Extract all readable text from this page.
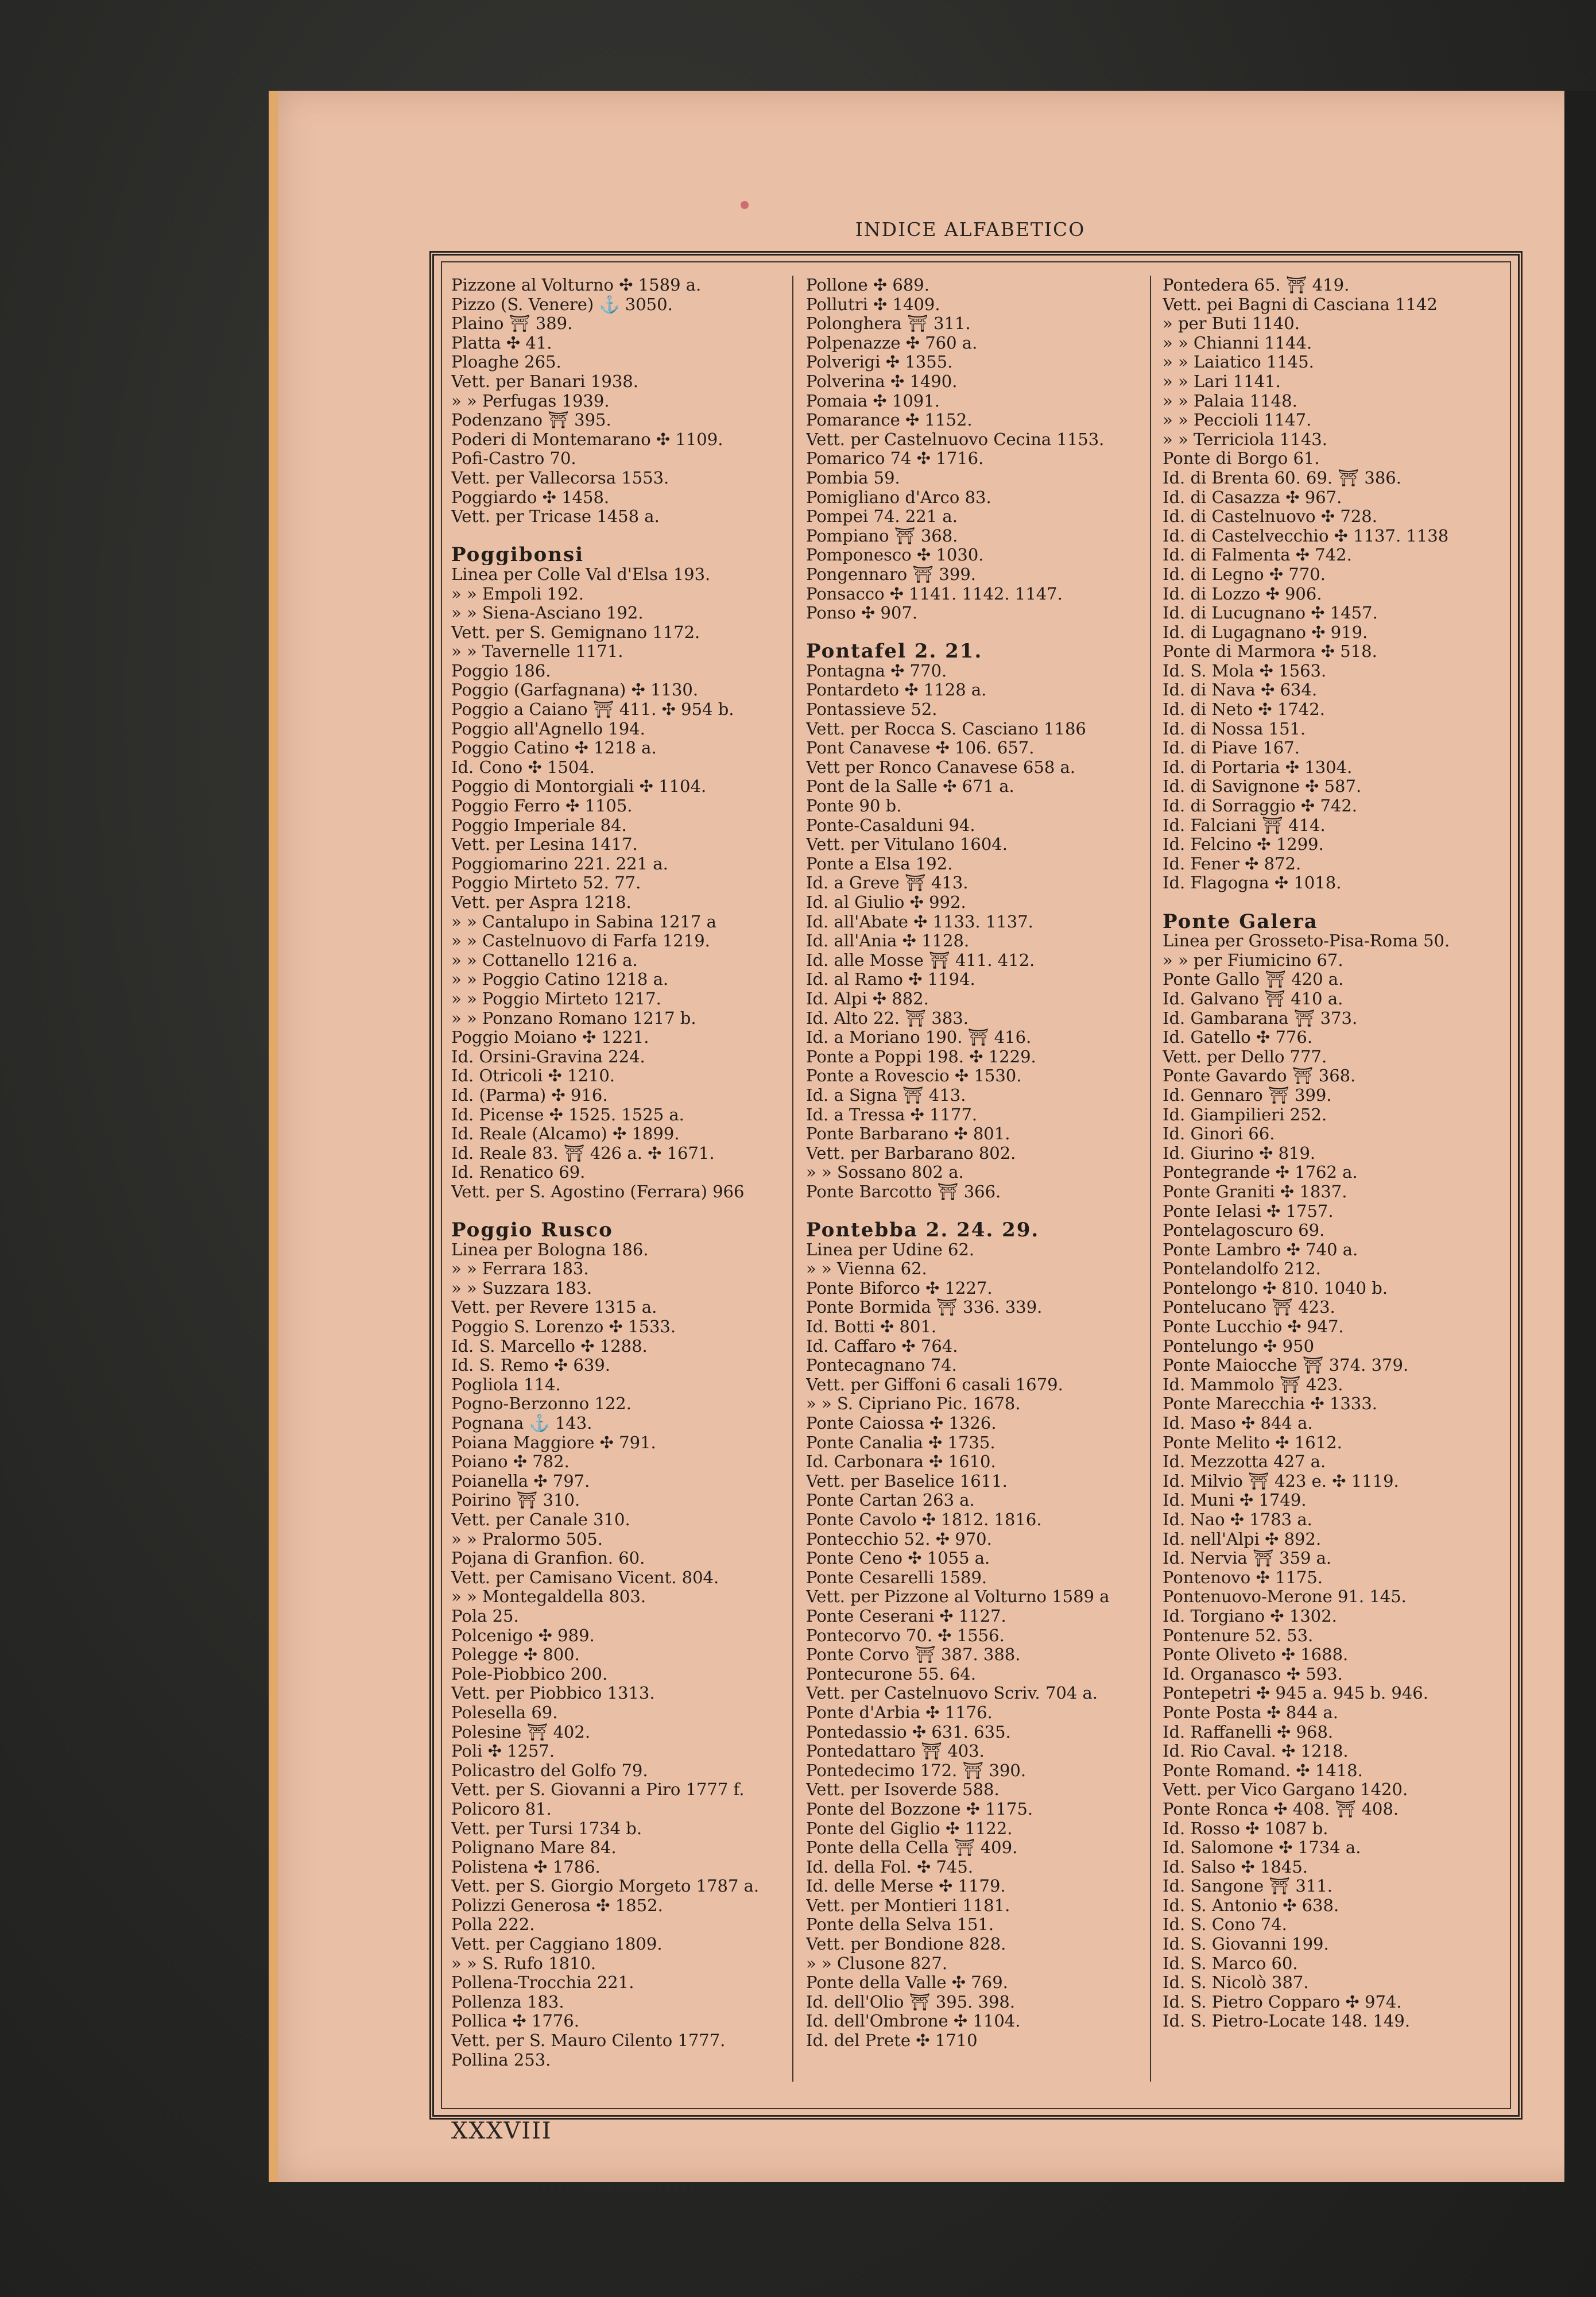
INDICE ALFABETICO
Pizzone al Volturno ✣ 1589 a.
Pizzo (S. Venere) ⚓ 3050.
Plaino ⛩ 389.
Platta ✣ 41.
Ploaghe 265.
Vett. per Banari 1938.
» » Perfugas 1939.
Podenzano ⛩ 395.
Poderi di Montemarano ✣ 1109.
Pofi-Castro 70.
Vett. per Vallecorsa 1553.
Poggiardo ✣ 1458.
Vett. per Tricase 1458 a.

Poggibonsi
Linea per Colle Val d'Elsa 193.
» » Empoli 192.
» » Siena-Asciano 192.
Vett. per S. Gemignano 1172.
» » Tavernelle 1171.
Poggio 186.
Poggio (Garfagnana) ✣ 1130.
Poggio a Caiano ⛩ 411. ✣ 954 b.
Poggio all'Agnello 194.
Poggio Catino ✣ 1218 a.
Id. Cono ✣ 1504.
Poggio di Montorgiali ✣ 1104.
Poggio Ferro ✣ 1105.
Poggio Imperiale 84.
Vett. per Lesina 1417.
Poggiomarino 221. 221 a.
Poggio Mirteto 52. 77.
Vett. per Aspra 1218.
» » Cantalupo in Sabina 1217 a
» » Castelnuovo di Farfa 1219.
» » Cottanello 1216 a.
» » Poggio Catino 1218 a.
» » Poggio Mirteto 1217.
» » Ponzano Romano 1217 b.
Poggio Moiano ✣ 1221.
Id. Orsini-Gravina 224.
Id. Otricoli ✣ 1210.
Id. (Parma) ✣ 916.
Id. Picense ✣ 1525. 1525 a.
Id. Reale (Alcamo) ✣ 1899.
Id. Reale 83. ⛩ 426 a. ✣ 1671.
Id. Renatico 69.
Vett. per S. Agostino (Ferrara) 966

Poggio Rusco
Linea per Bologna 186.
» » Ferrara 183.
» » Suzzara 183.
Vett. per Revere 1315 a.
Poggio S. Lorenzo ✣ 1533.
Id. S. Marcello ✣ 1288.
Id. S. Remo ✣ 639.
Pogliola 114.
Pogno-Berzonno 122.
Pognana ⚓ 143.
Poiana Maggiore ✣ 791.
Poiano ✣ 782.
Poianella ✣ 797.
Poirino ⛩ 310.
Vett. per Canale 310.
» » Pralormo 505.
Pojana di Granfion. 60.
Vett. per Camisano Vicent. 804.
» » Montegaldella 803.
Pola 25.
Polcenigo ✣ 989.
Polegge ✣ 800.
Pole-Piobbico 200.
Vett. per Piobbico 1313.
Polesella 69.
Polesine ⛩ 402.
Poli ✣ 1257.
Policastro del Golfo 79.
Vett. per S. Giovanni a Piro 1777 f.
Policoro 81.
Vett. per Tursi 1734 b.
Polignano Mare 84.
Polistena ✣ 1786.
Vett. per S. Giorgio Morgeto 1787 a.
Polizzi Generosa ✣ 1852.
Polla 222.
Vett. per Caggiano 1809.
» » S. Rufo 1810.
Pollena-Trocchia 221.
Pollenza 183.
Pollica ✣ 1776.
Vett. per S. Mauro Cilento 1777.
Pollina 253.
Pollone ✣ 689.
Pollutri ✣ 1409.
Polonghera ⛩ 311.
Polpenazze ✣ 760 a.
Polverigi ✣ 1355.
Polverina ✣ 1490.
Pomaia ✣ 1091.
Pomarance ✣ 1152.
Vett. per Castelnuovo Cecina 1153.
Pomarico 74 ✣ 1716.
Pombia 59.
Pomigliano d'Arco 83.
Pompei 74. 221 a.
Pompiano ⛩ 368.
Pomponesco ✣ 1030.
Pongennaro ⛩ 399.
Ponsacco ✣ 1141. 1142. 1147.
Ponso ✣ 907.

Pontafel 2. 21.
Pontagna ✣ 770.
Pontardeto ✣ 1128 a.
Pontassieve 52.
Vett. per Rocca S. Casciano 1186
Pont Canavese ✣ 106. 657.
Vett per Ronco Canavese 658 a.
Pont de la Salle ✣ 671 a.
Ponte 90 b.
Ponte-Casalduni 94.
Vett. per Vitulano 1604.
Ponte a Elsa 192.
Id. a Greve ⛩ 413.
Id. al Giulio ✣ 992.
Id. all'Abate ✣ 1133. 1137.
Id. all'Ania ✣ 1128.
Id. alle Mosse ⛩ 411. 412.
Id. al Ramo ✣ 1194.
Id. Alpi ✣ 882.
Id. Alto 22. ⛩ 383.
Id. a Moriano 190. ⛩ 416.
Ponte a Poppi 198. ✣ 1229.
Ponte a Rovescio ✣ 1530.
Id. a Signa ⛩ 413.
Id. a Tressa ✣ 1177.
Ponte Barbarano ✣ 801.
Vett. per Barbarano 802.
» » Sossano 802 a.
Ponte Barcotto ⛩ 366.

Pontebba 2. 24. 29.
Linea per Udine 62.
» » Vienna 62.
Ponte Biforco ✣ 1227.
Ponte Bormida ⛩ 336. 339.
Id. Botti ✣ 801.
Id. Caffaro ✣ 764.
Pontecagnano 74.
Vett. per Giffoni 6 casali 1679.
» » S. Cipriano Pic. 1678.
Ponte Caiossa ✣ 1326.
Ponte Canalia ✣ 1735.
Id. Carbonara ✣ 1610.
Vett. per Baselice 1611.
Ponte Cartan 263 a.
Ponte Cavolo ✣ 1812. 1816.
Pontecchio 52. ✣ 970.
Ponte Ceno ✣ 1055 a.
Ponte Cesarelli 1589.
Vett. per Pizzone al Volturno 1589 a
Ponte Ceserani ✣ 1127.
Pontecorvo 70. ✣ 1556.
Ponte Corvo ⛩ 387. 388.
Pontecurone 55. 64.
Vett. per Castelnuovo Scriv. 704 a.
Ponte d'Arbia ✣ 1176.
Pontedassio ✣ 631. 635.
Pontedattaro ⛩ 403.
Pontedecimo 172. ⛩ 390.
Vett. per Isoverde 588.
Ponte del Bozzone ✣ 1175.
Ponte del Giglio ✣ 1122.
Ponte della Cella ⛩ 409.
Id. della Fol. ✣ 745.
Id. delle Merse ✣ 1179.
Vett. per Montieri 1181.
Ponte della Selva 151.
Vett. per Bondione 828.
» » Clusone 827.
Ponte della Valle ✣ 769.
Id. dell'Olio ⛩ 395. 398.
Id. dell'Ombrone ✣ 1104.
Id. del Prete ✣ 1710
Pontedera 65. ⛩ 419.
Vett. pei Bagni di Casciana 1142
» per Buti 1140.
» » Chianni 1144.
» » Laiatico 1145.
» » Lari 1141.
» » Palaia 1148.
» » Peccioli 1147.
» » Terriciola 1143.
Ponte di Borgo 61.
Id. di Brenta 60. 69. ⛩ 386.
Id. di Casazza ✣ 967.
Id. di Castelnuovo ✣ 728.
Id. di Castelvecchio ✣ 1137. 1138
Id. di Falmenta ✣ 742.
Id. di Legno ✣ 770.
Id. di Lozzo ✣ 906.
Id. di Lucugnano ✣ 1457.
Id. di Lugagnano ✣ 919.
Ponte di Marmora ✣ 518.
Id. S. Mola ✣ 1563.
Id. di Nava ✣ 634.
Id. di Neto ✣ 1742.
Id. di Nossa 151.
Id. di Piave 167.
Id. di Portaria ✣ 1304.
Id. di Savignone ✣ 587.
Id. di Sorraggio ✣ 742.
Id. Falciani ⛩ 414.
Id. Felcino ✣ 1299.
Id. Fener ✣ 872.
Id. Flagogna ✣ 1018.

Ponte Galera
Linea per Grosseto-Pisa-Roma 50.
» » per Fiumicino 67.
Ponte Gallo ⛩ 420 a.
Id. Galvano ⛩ 410 a.
Id. Gambarana ⛩ 373.
Id. Gatello ✣ 776.
Vett. per Dello 777.
Ponte Gavardo ⛩ 368.
Id. Gennaro ⛩ 399.
Id. Giampilieri 252.
Id. Ginori 66.
Id. Giurino ✣ 819.
Pontegrande ✣ 1762 a.
Ponte Graniti ✣ 1837.
Ponte Ielasi ✣ 1757.
Pontelagoscuro 69.
Ponte Lambro ✣ 740 a.
Pontelandolfo 212.
Pontelongo ✣ 810. 1040 b.
Pontelucano ⛩ 423.
Ponte Lucchio ✣ 947.
Pontelungo ✣ 950
Ponte Maiocche ⛩ 374. 379.
Id. Mammolo ⛩ 423.
Ponte Marecchia ✣ 1333.
Id. Maso ✣ 844 a.
Ponte Melito ✣ 1612.
Id. Mezzotta 427 a.
Id. Milvio ⛩ 423 e. ✣ 1119.
Id. Muni ✣ 1749.
Id. Nao ✣ 1783 a.
Id. nell'Alpi ✣ 892.
Id. Nervia ⛩ 359 a.
Pontenovo ✣ 1175.
Pontenuovo-Merone 91. 145.
Id. Torgiano ✣ 1302.
Pontenure 52. 53.
Ponte Oliveto ✣ 1688.
Id. Organasco ✣ 593.
Pontepetri ✣ 945 a. 945 b. 946.
Ponte Posta ✣ 844 a.
Id. Raffanelli ✣ 968.
Id. Rio Caval. ✣ 1218.
Ponte Romand. ✣ 1418.
Vett. per Vico Gargano 1420.
Ponte Ronca ✣ 408. ⛩ 408.
Id. Rosso ✣ 1087 b.
Id. Salomone ✣ 1734 a.
Id. Salso ✣ 1845.
Id. Sangone ⛩ 311.
Id. S. Antonio ✣ 638.
Id. S. Cono 74.
Id. S. Giovanni 199.
Id. S. Marco 60.
Id. S. Nicolò 387.
Id. S. Pietro Copparo ✣ 974.
Id. S. Pietro-Locate 148. 149.
XXXVIII
